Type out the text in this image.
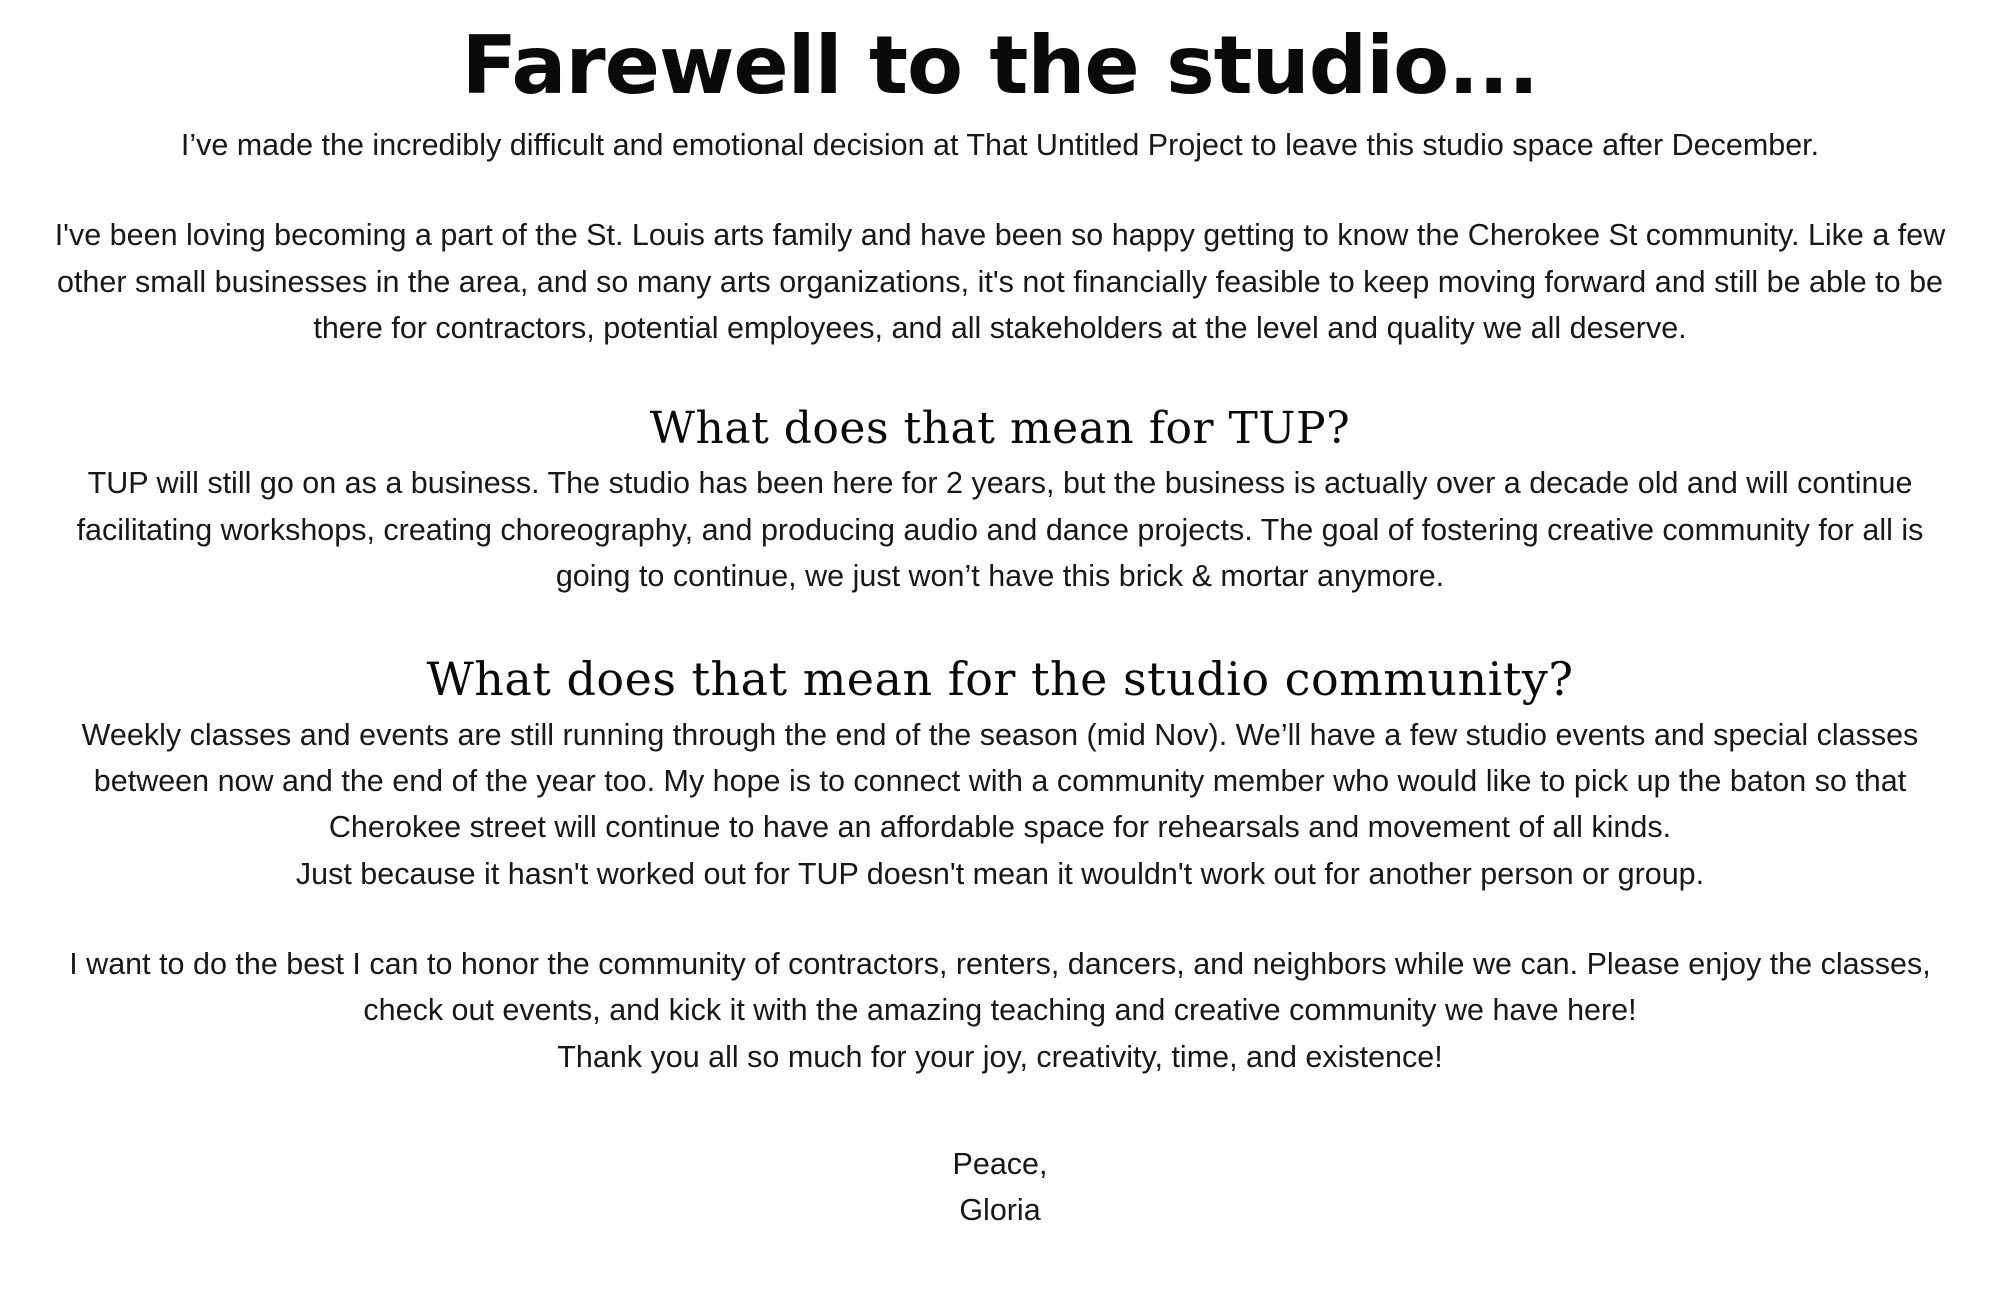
Farewell to the studio...

I’ve made the incredibly difficult and emotional decision at That Untitled Project to leave this studio space after December.

I've been loving becoming a part of the St. Louis arts family and have been so happy getting to know the Cherokee St community. Like a few other small businesses in the area, and so many arts organizations, it's not financially feasible to keep moving forward and still be able to be there for contractors, potential employees, and all stakeholders at the level and quality we all deserve.

What does that mean for TUP?

TUP will still go on as a business. The studio has been here for 2 years, but the business is actually over a decade old and will continue facilitating workshops, creating choreography, and producing audio and dance projects. The goal of fostering creative community for all is going to continue, we just won’t have this brick & mortar anymore.

What does that mean for the studio community?

Weekly classes and events are still running through the end of the season (mid Nov). We’ll have a few studio events and special classes between now and the end of the year too. My hope is to connect with a community member who would like to pick up the baton so that Cherokee street will continue to have an affordable space for rehearsals and movement of all kinds.

Just because it hasn't worked out for TUP doesn't mean it wouldn't work out for another person or group.

I want to do the best I can to honor the community of contractors, renters, dancers, and neighbors while we can. Please enjoy the classes, check out events, and kick it with the amazing teaching and creative community we have here!

Thank you all so much for your joy, creativity, time, and existence!

Peace,
Gloria
